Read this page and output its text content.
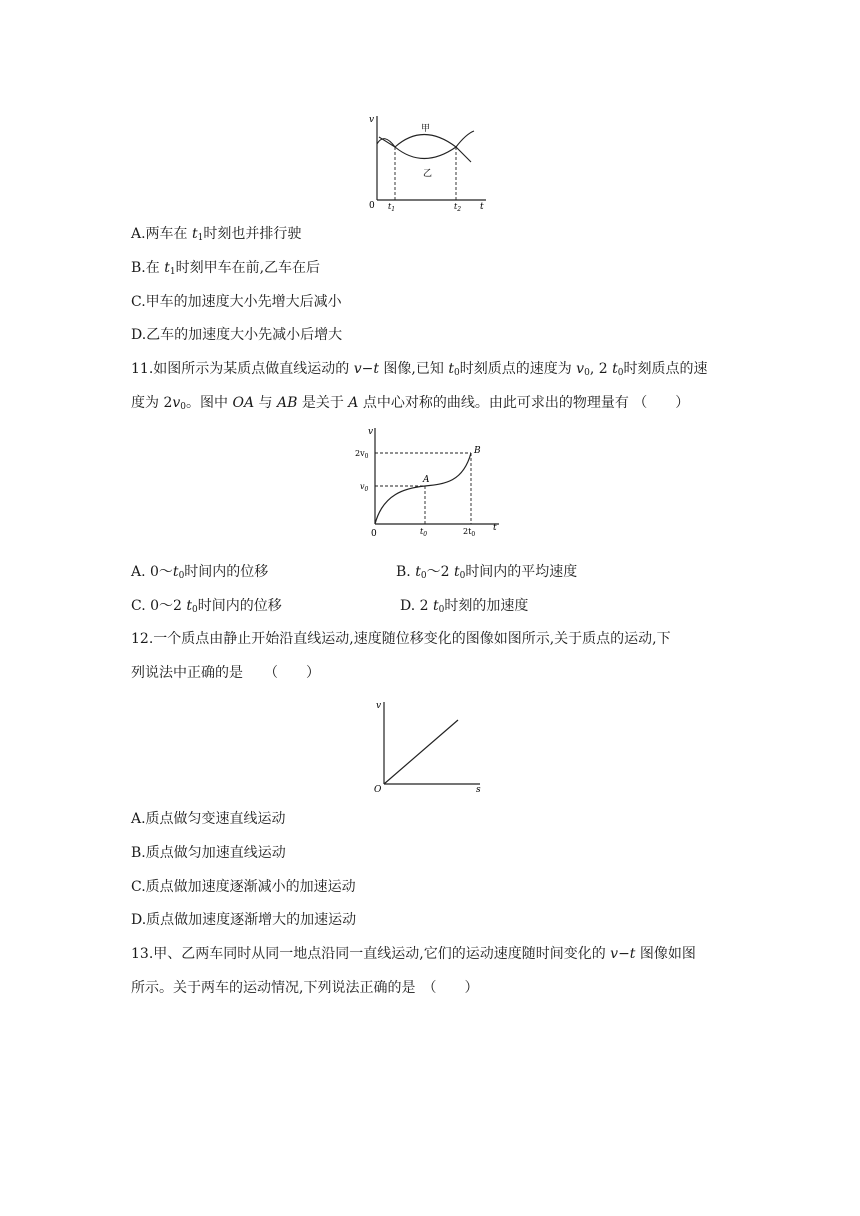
v
t
0
甲
乙
$t_1$	$t_2$
A.两车在 $t_1$时刻也并排行驶
B.在 $t_1$时刻甲车在前,乙车在后
C.甲车的加速度大小先增大后减小
D.乙车的加速度大小先减小后增大
11.如图所示为某质点做直线运动的 v−t 图像,已知 $t_0$时刻质点的速度为 $v_0$, 2 $t_0$时刻质点的速
度为 $2v_0$。图中 OA 与 AB 是关于 A 点中心对称的曲线。由此可求出的物理量有 （　　）
v
t
0
$2v_0$
$v_0$
A
B
$t_0$	$2t_0$
A. $0\sim t_0$时间内的位移	B. $t_0\sim 2$ $t_0$时间内的平均速度
C. 0～2 $t_0$时间内的位移	D. 2 $t_0$时刻的加速度
12.一个质点由静止开始沿直线运动,速度随位移变化的图像如图所示,关于质点的运动,下
列说法中正确的是　　（　　）
v
s
O
A.质点做匀变速直线运动
B.质点做匀加速直线运动
C.质点做加速度逐渐减小的加速运动
D.质点做加速度逐渐增大的加速运动
13.甲、乙两车同时从同一地点沿同一直线运动,它们的运动速度随时间变化的 v−t 图像如图
所示。关于两车的运动情况,下列说法正确的是　（　　）
